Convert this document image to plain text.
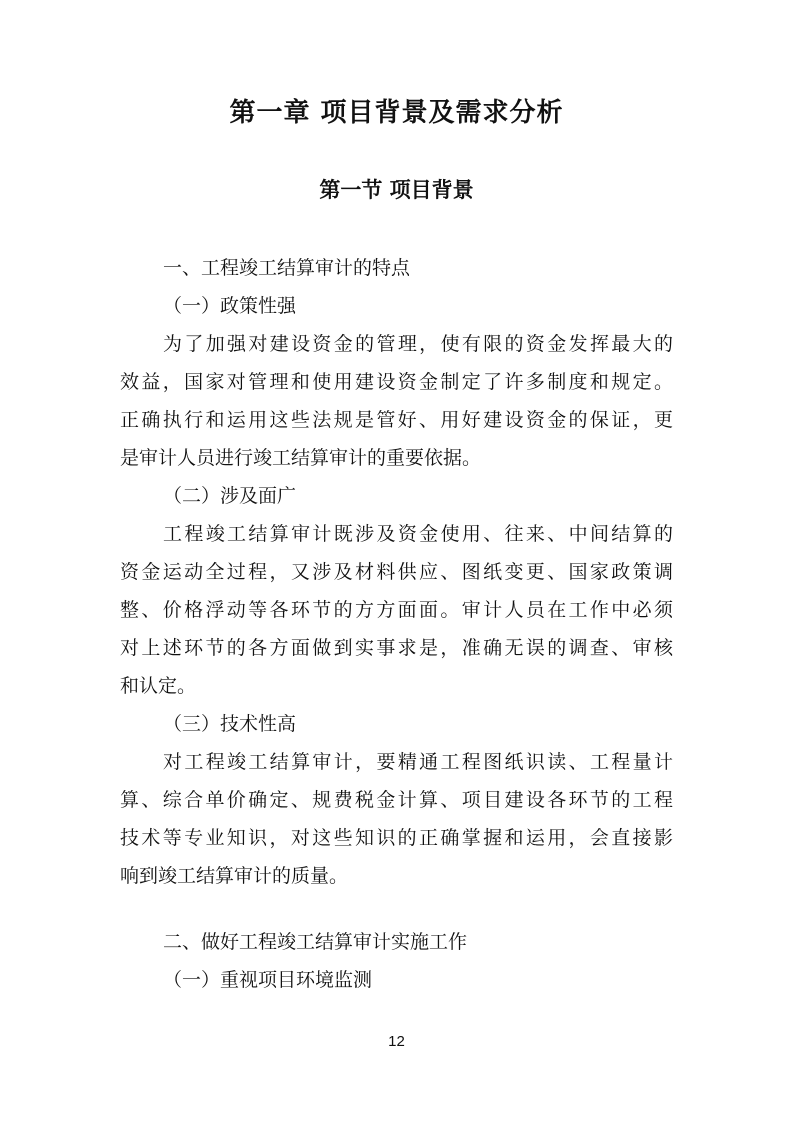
第一章 项目背景及需求分析
第一节 项目背景
一、工程竣工结算审计的特点
（一）政策性强
为了加强对建设资金的管理，使有限的资金发挥最大的
效益，国家对管理和使用建设资金制定了许多制度和规定。
正确执行和运用这些法规是管好、用好建设资金的保证，更
是审计人员进行竣工结算审计的重要依据。
（二）涉及面广
工程竣工结算审计既涉及资金使用、往来、中间结算的
资金运动全过程，又涉及材料供应、图纸变更、国家政策调
整、价格浮动等各环节的方方面面。审计人员在工作中必须
对上述环节的各方面做到实事求是，准确无误的调查、审核
和认定。
（三）技术性高
对工程竣工结算审计，要精通工程图纸识读、工程量计
算、综合单价确定、规费税金计算、项目建设各环节的工程
技术等专业知识，对这些知识的正确掌握和运用，会直接影
响到竣工结算审计的质量。
二、做好工程竣工结算审计实施工作
（一）重视项目环境监测
12
